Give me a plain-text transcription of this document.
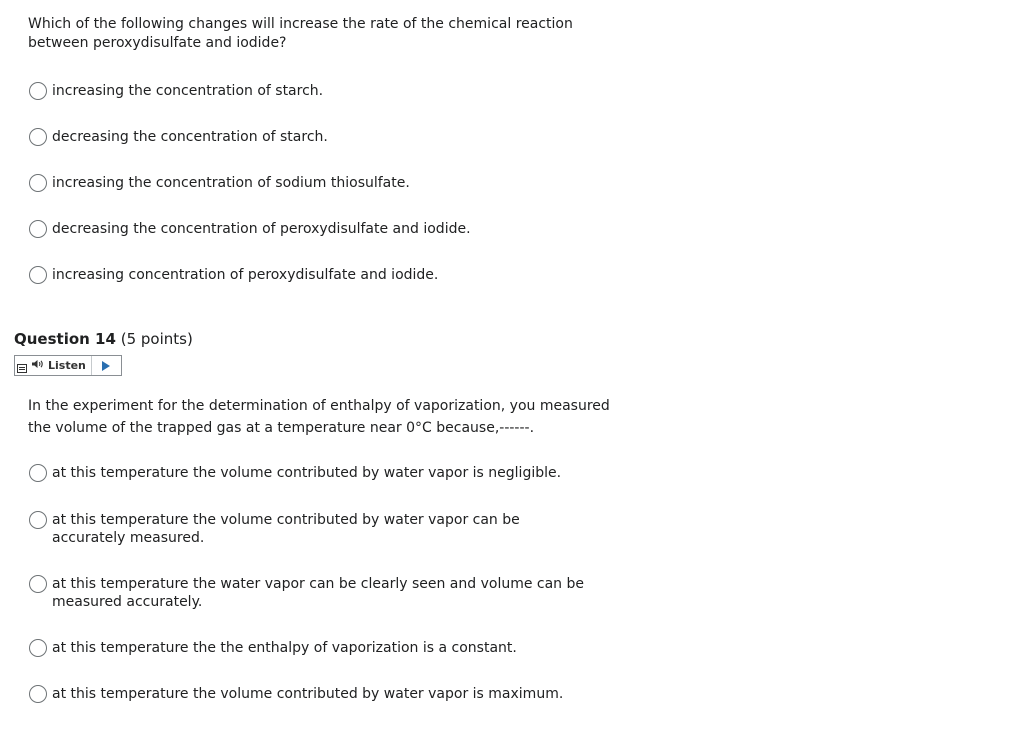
Which of the following changes will increase the rate of the chemical reaction between peroxydisulfate and iodide?

increasing the concentration of starch.
decreasing the concentration of starch.
increasing the concentration of sodium thiosulfate.
decreasing the concentration of peroxydisulfate and iodide.
increasing concentration of peroxydisulfate and iodide.
Question 14 (5 points)
Listen

In the experiment for the determination of enthalpy of vaporization, you measured the volume of the trapped gas at a temperature near 0°C because,------.

at this temperature the volume contributed by water vapor is negligible.
at this temperature the volume contributed by water vapor can be accurately measured.
at this temperature the water vapor can be clearly seen and volume can be measured accurately.
at this temperature the the enthalpy of vaporization is a constant.
at this temperature the volume contributed by water vapor is maximum.
